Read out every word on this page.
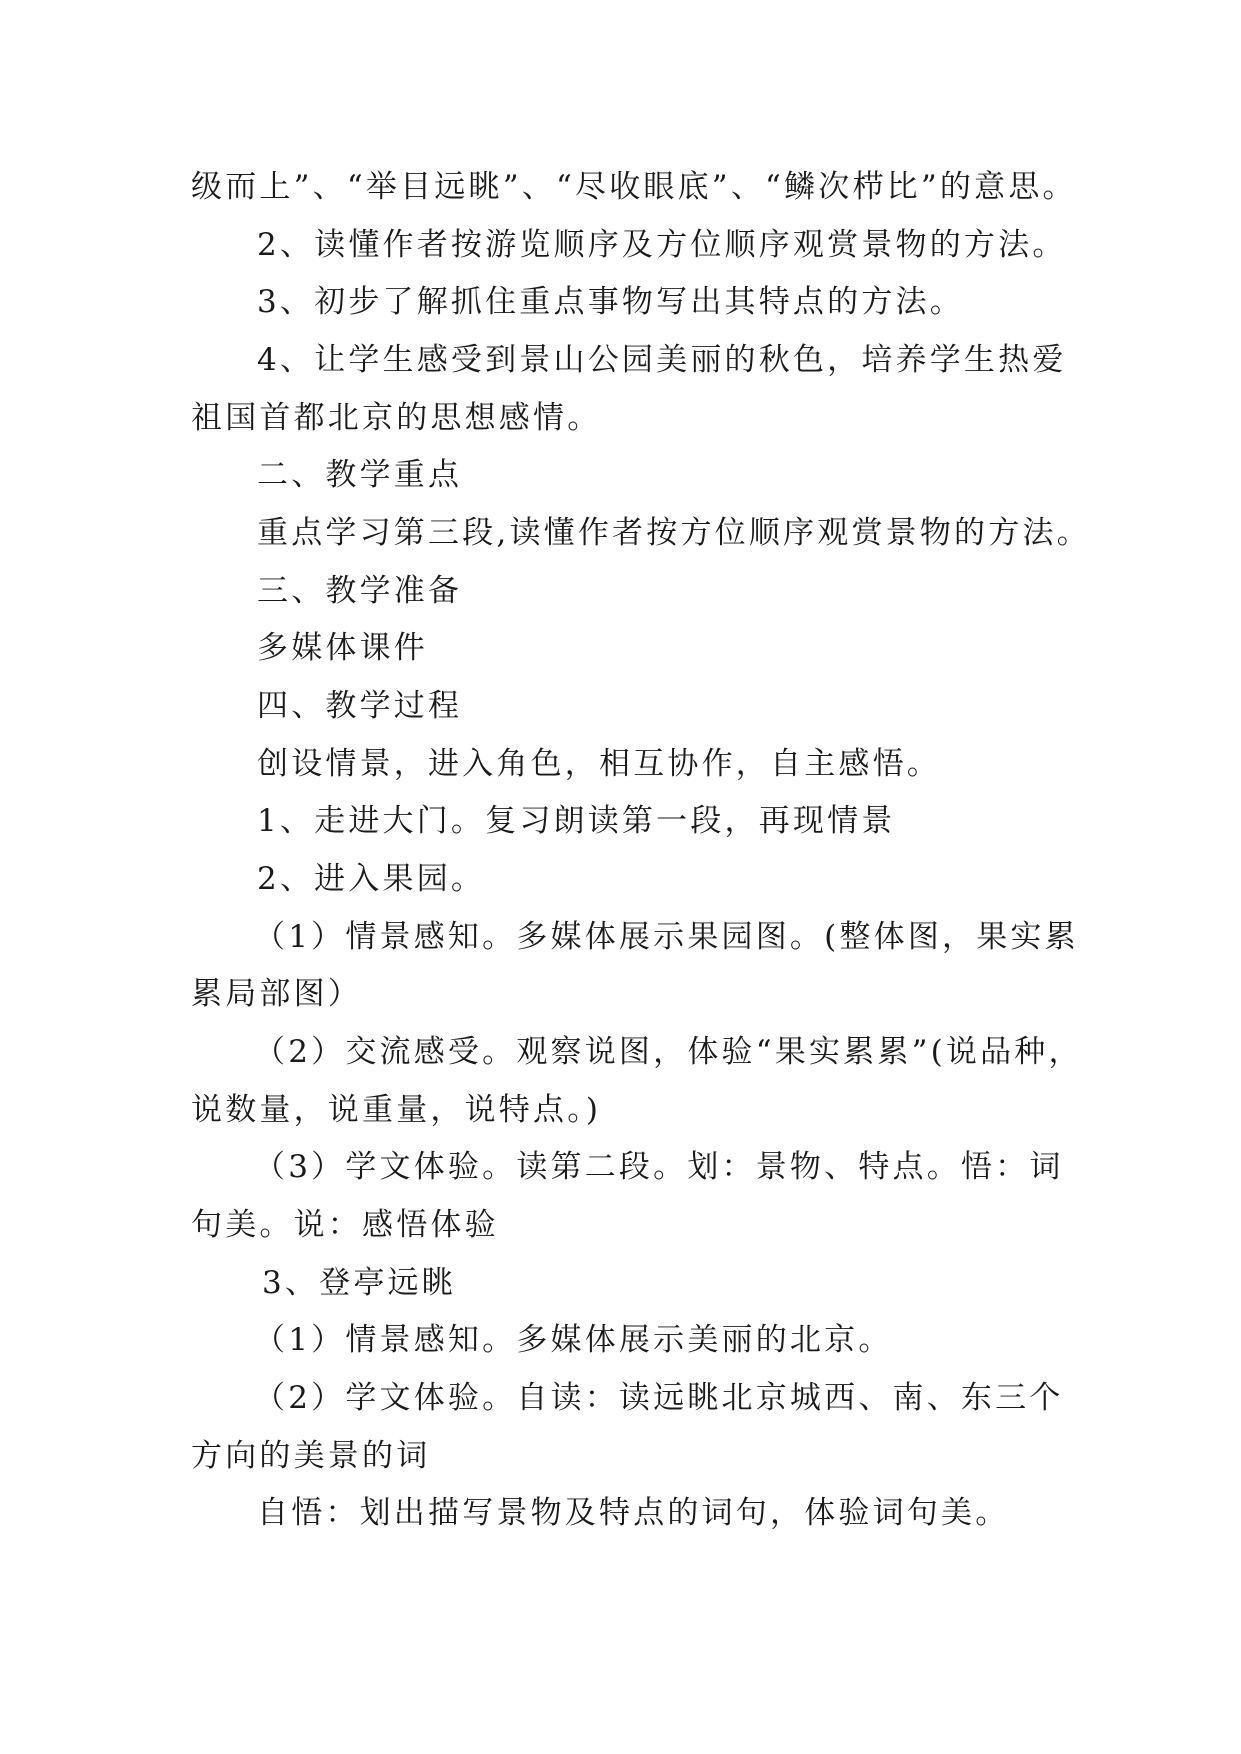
级而上”、“举目远眺”、“尽收眼底”、“鳞次栉比”的意思。
2、读懂作者按游览顺序及方位顺序观赏景物的方法。
3、初步了解抓住重点事物写出其特点的方法。
4、让学生感受到景山公园美丽的秋色，培养学生热爱
祖国首都北京的思想感情。
二、教学重点
重点学习第三段,读懂作者按方位顺序观赏景物的方法。
三、教学准备
多媒体课件
四、教学过程
创设情景，进入角色，相互协作，自主感悟。
1、走进大门。复习朗读第一段，再现情景
2、进入果园。
（1）情景感知。多媒体展示果园图。(整体图，果实累
累局部图）
（2）交流感受。观察说图，体验“果实累累”(说品种，
说数量，说重量，说特点。)
（3）学文体验。读第二段。划：景物、特点。悟：词
句美。说：感悟体验
3、登亭远眺
（1）情景感知。多媒体展示美丽的北京。
（2）学文体验。自读：读远眺北京城西、南、东三个
方向的美景的词
自悟：划出描写景物及特点的词句，体验词句美。
